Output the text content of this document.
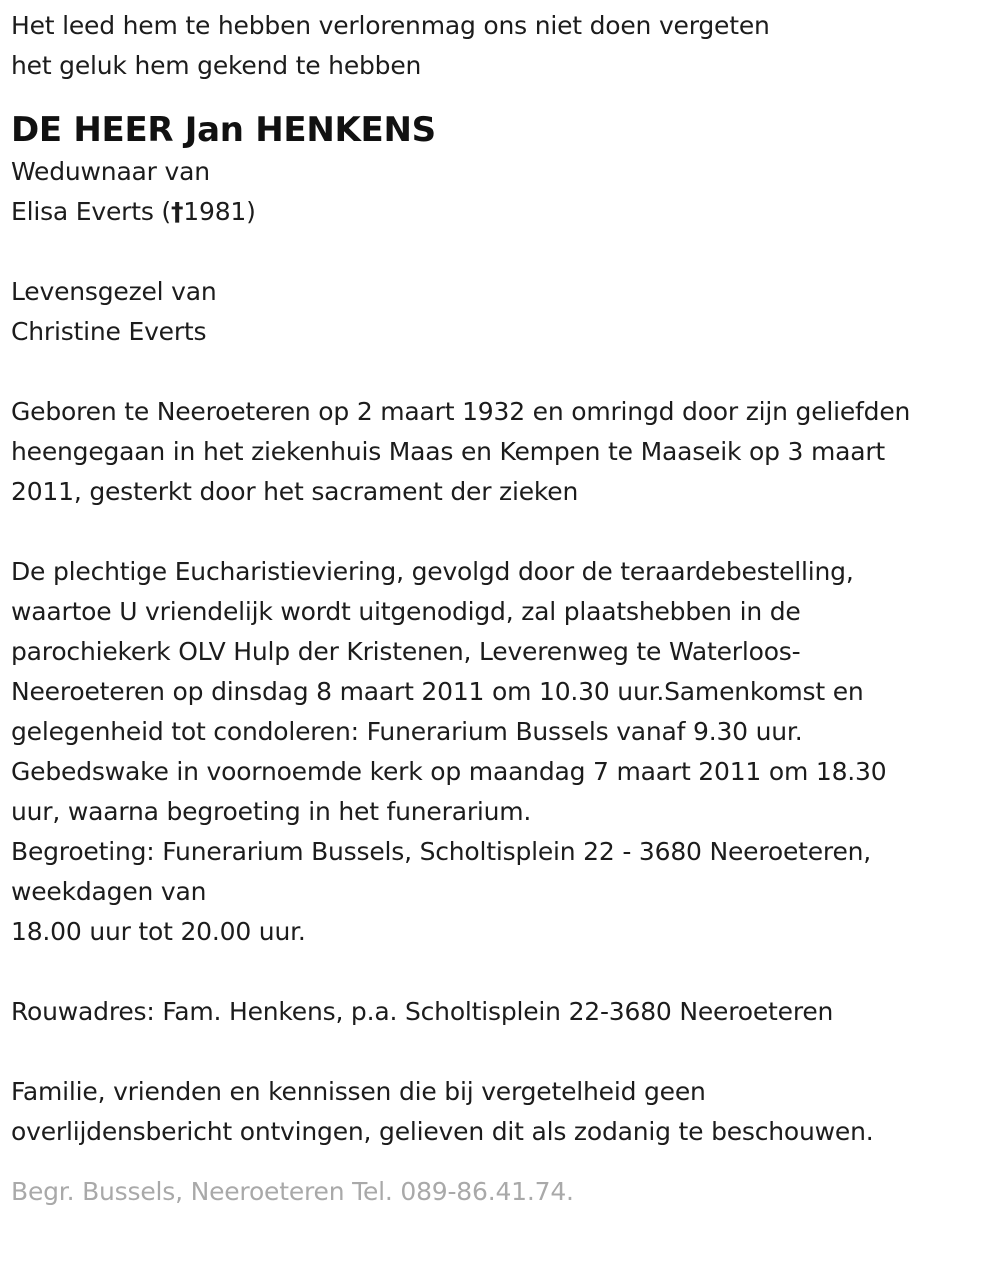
Het leed hem te hebben verlorenmag ons niet doen vergeten
het geluk hem gekend te hebben
DE HEER Jan HENKENS
Weduwnaar van
Elisa Everts (†1981)
Levensgezel van
Christine Everts
Geboren te Neeroeteren op 2 maart 1932 en omringd door zijn geliefden
heengegaan in het ziekenhuis Maas en Kempen te Maaseik op 3 maart
2011, gesterkt door het sacrament der zieken
De plechtige Eucharistieviering, gevolgd door de teraardebestelling,
waartoe U vriendelijk wordt uitgenodigd, zal plaatshebben in de
parochiekerk OLV Hulp der Kristenen, Leverenweg te Waterloos-
Neeroeteren op dinsdag 8 maart 2011 om 10.30 uur.Samenkomst en
gelegenheid tot condoleren: Funerarium Bussels vanaf 9.30 uur.
Gebedswake in voornoemde kerk op maandag 7 maart 2011 om 18.30
uur, waarna begroeting in het funerarium.
Begroeting: Funerarium Bussels, Scholtisplein 22 - 3680 Neeroeteren,
weekdagen van
18.00 uur tot 20.00 uur.
Rouwadres: Fam. Henkens, p.a. Scholtisplein 22-3680 Neeroeteren
Familie, vrienden en kennissen die bij vergetelheid geen
overlijdensbericht ontvingen, gelieven dit als zodanig te beschouwen.
Begr. Bussels, Neeroeteren Tel. 089-86.41.74.
